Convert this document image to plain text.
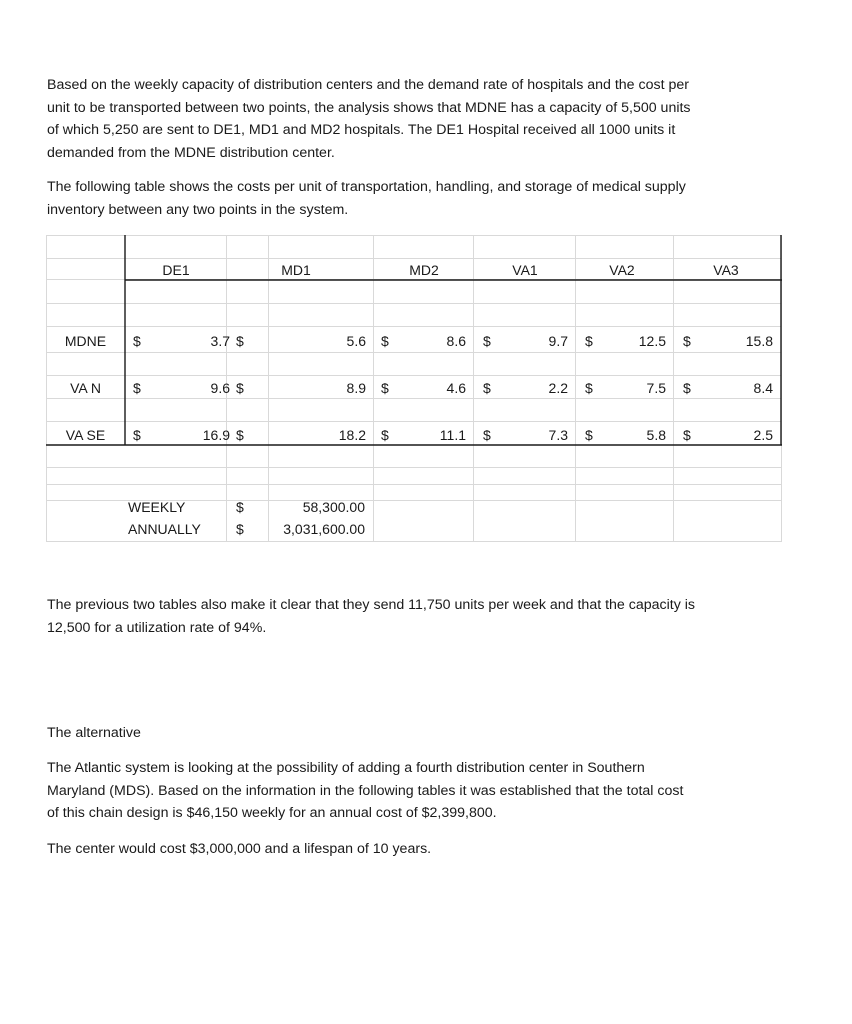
Based on the weekly capacity of distribution centers and the demand rate of hospitals and the cost per
unit to be transported between two points, the analysis shows that MDNE has a capacity of 5,500 units
of which 5,250 are sent to DE1, MD1 and MD2 hospitals. The DE1 Hospital received all 1000 units it
demanded from the MDNE distribution center.

The following table shows the costs per unit of transportation, handling, and storage of medical supply
inventory between any two points in the system.

DE1	MD1	MD2	VA1	VA2	VA3
MDNE	$	3.7 $	5.6 $	8.6 $	9.7 $	12.5 $	15.8
VA N	$	9.6 $	8.9 $	4.6 $	2.2 $	7.5 $	8.4
VA SE	$	16.9 $	18.2 $	11.1 $	7.3 $	5.8 $	2.5
WEEKLY	$	58,300.00
ANNUALLY	$	3,031,600.00

The previous two tables also make it clear that they send 11,750 units per week and that the capacity is
12,500 for a utilization rate of 94%.

The alternative

The Atlantic system is looking at the possibility of adding a fourth distribution center in Southern
Maryland (MDS). Based on the information in the following tables it was established that the total cost
of this chain design is $46,150 weekly for an annual cost of $2,399,800.

The center would cost $3,000,000 and a lifespan of 10 years.
